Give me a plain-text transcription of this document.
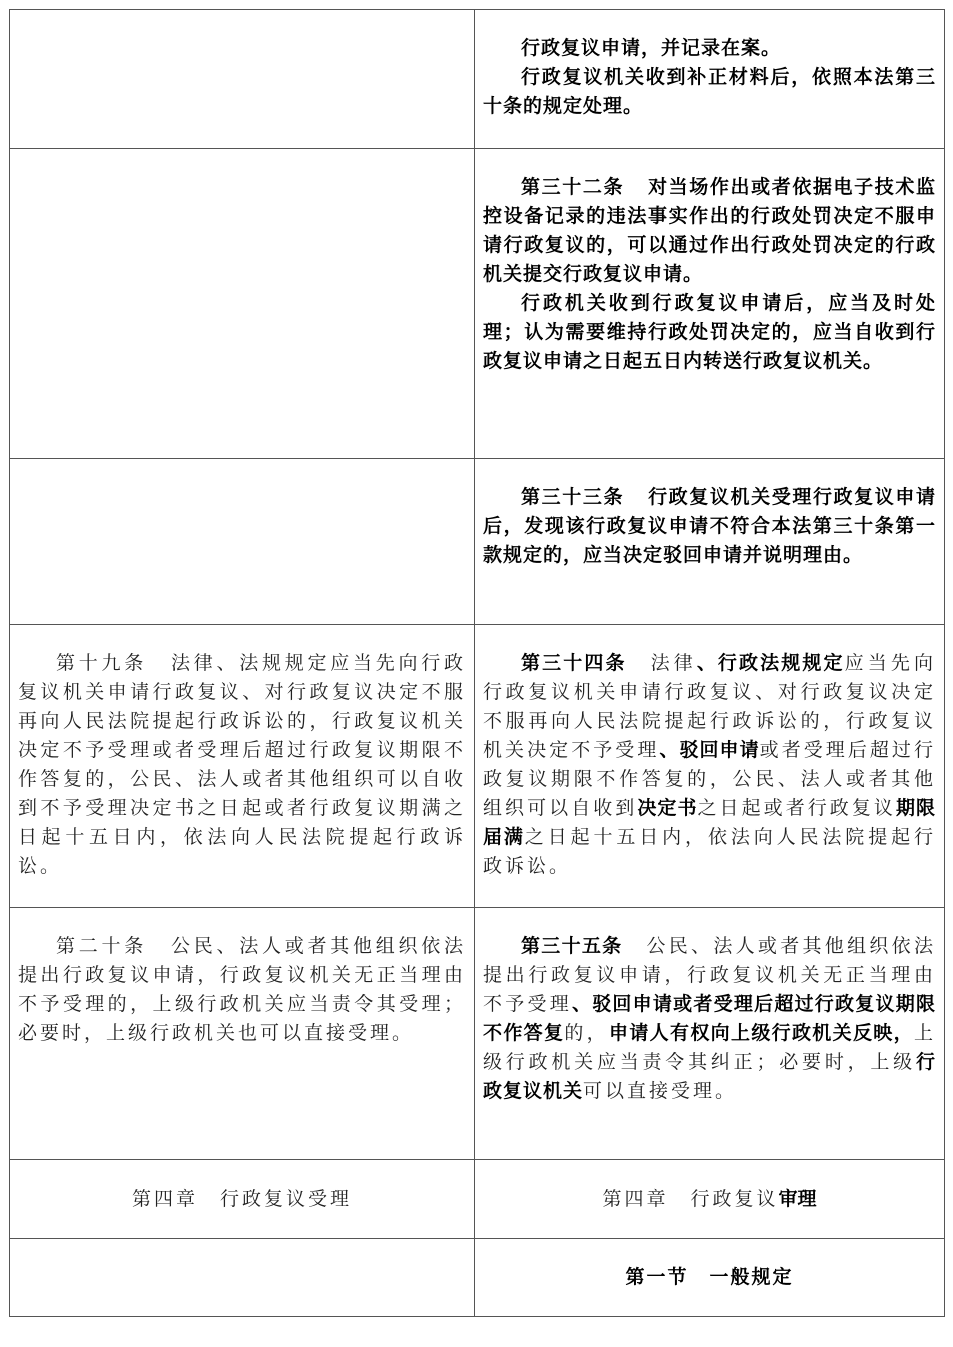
	行政复议申请，并记录在案。

行政复议机关收到补正材料后，依照本法第三十条的规定处理。

	第三十二条 对当场作出或者依据电子技术监控设备记录的违法事实作出的行政处罚决定不服申请行政复议的，可以通过作出行政处罚决定的行政机关提交行政复议申请。

行政机关收到行政复议申请后，应当及时处理；认为需要维持行政处罚决定的，应当自收到行政复议申请之日起五日内转送行政复议机关。

	第三十三条 行政复议机关受理行政复议申请后，发现该行政复议申请不符合本法第三十条第一款规定的，应当决定驳回申请并说明理由。

第十九条 法律、法规规定应当先向行政复议机关申请行政复议、对行政复议决定不服再向人民法院提起行政诉讼的，行政复议机关决定不予受理或者受理后超过行政复议期限不作答复的，公民、法人或者其他组织可以自收到不予受理决定书之日起或者行政复议期满之日起十五日内，依法向人民法院提起行政诉讼。	第三十四条 法律、行政法规规定应当先向行政复议机关申请行政复议、对行政复议决定不服再向人民法院提起行政诉讼的，行政复议机关决定不予受理、驳回申请或者受理后超过行政复议期限不作答复的，公民、法人或者其他组织可以自收到决定书之日起或者行政复议期限届满之日起十五日内，依法向人民法院提起行政诉讼。

第二十条 公民、法人或者其他组织依法提出行政复议申请，行政复议机关无正当理由不予受理的，上级行政机关应当责令其受理；必要时，上级行政机关也可以直接受理。	第三十五条 公民、法人或者其他组织依法提出行政复议申请，行政复议机关无正当理由不予受理、驳回申请或者受理后超过行政复议期限不作答复的，申请人有权向上级行政机关反映，上级行政机关应当责令其纠正；必要时，上级行政复议机关可以直接受理。

第四章　行政复议受理	第四章　行政复议审理
	第一节　一般规定
